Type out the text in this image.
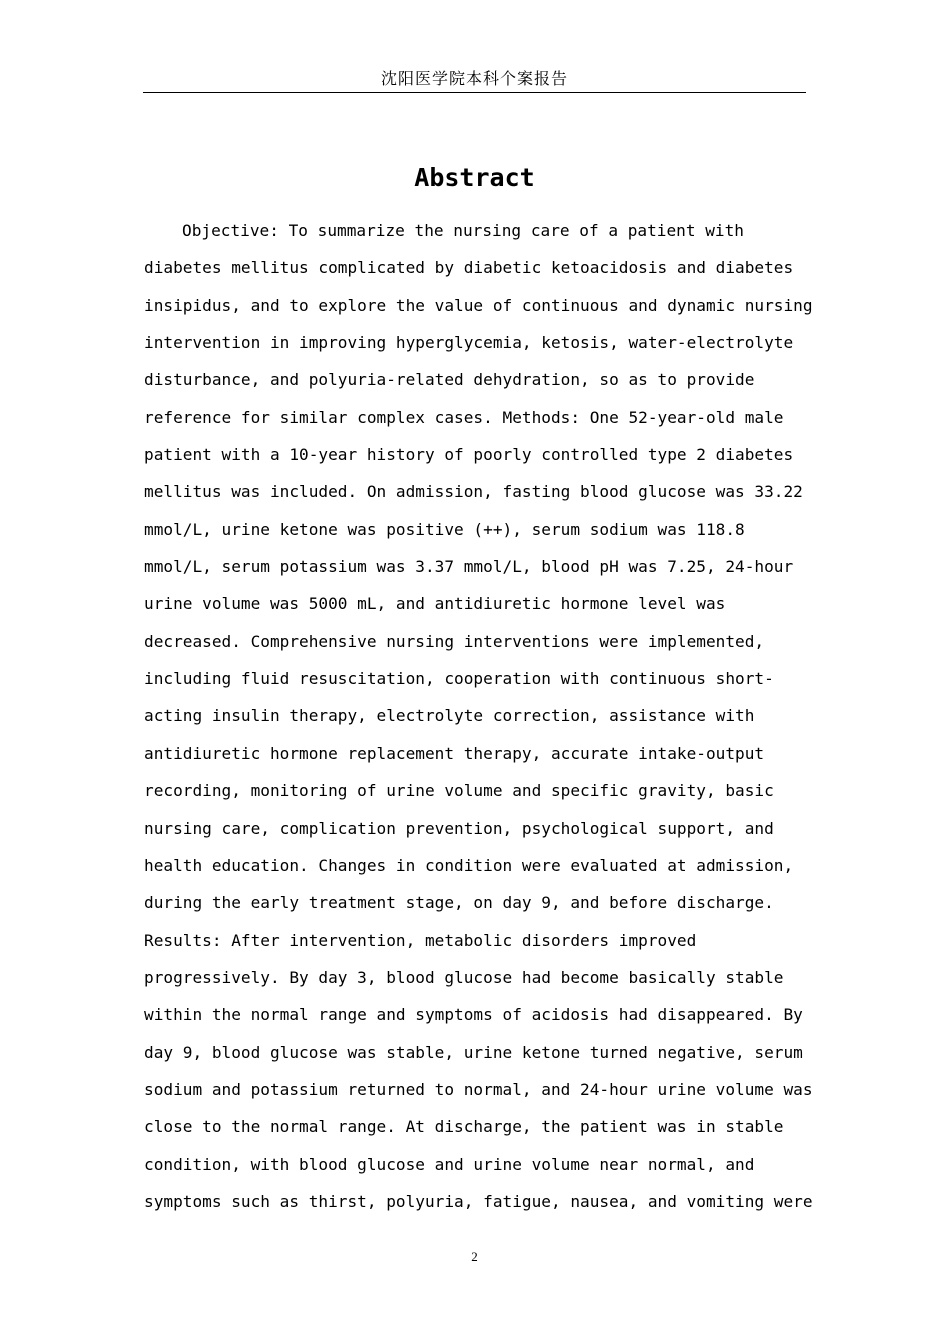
沈阳医学院本科个案报告
Abstract
Objective: To summarize the nursing care of a patient with
diabetes mellitus complicated by diabetic ketoacidosis and diabetes
insipidus, and to explore the value of continuous and dynamic nursing
intervention in improving hyperglycemia, ketosis, water-electrolyte
disturbance, and polyuria-related dehydration, so as to provide
reference for similar complex cases. Methods: One 52-year-old male
patient with a 10-year history of poorly controlled type 2 diabetes
mellitus was included. On admission, fasting blood glucose was 33.22
mmol/L, urine ketone was positive (++), serum sodium was 118.8
mmol/L, serum potassium was 3.37 mmol/L, blood pH was 7.25, 24-hour
urine volume was 5000 mL, and antidiuretic hormone level was
decreased. Comprehensive nursing interventions were implemented,
including fluid resuscitation, cooperation with continuous short-
acting insulin therapy, electrolyte correction, assistance with
antidiuretic hormone replacement therapy, accurate intake-output
recording, monitoring of urine volume and specific gravity, basic
nursing care, complication prevention, psychological support, and
health education. Changes in condition were evaluated at admission,
during the early treatment stage, on day 9, and before discharge.
Results: After intervention, metabolic disorders improved
progressively. By day 3, blood glucose had become basically stable
within the normal range and symptoms of acidosis had disappeared. By
day 9, blood glucose was stable, urine ketone turned negative, serum
sodium and potassium returned to normal, and 24-hour urine volume was
close to the normal range. At discharge, the patient was in stable
condition, with blood glucose and urine volume near normal, and
symptoms such as thirst, polyuria, fatigue, nausea, and vomiting were
2
